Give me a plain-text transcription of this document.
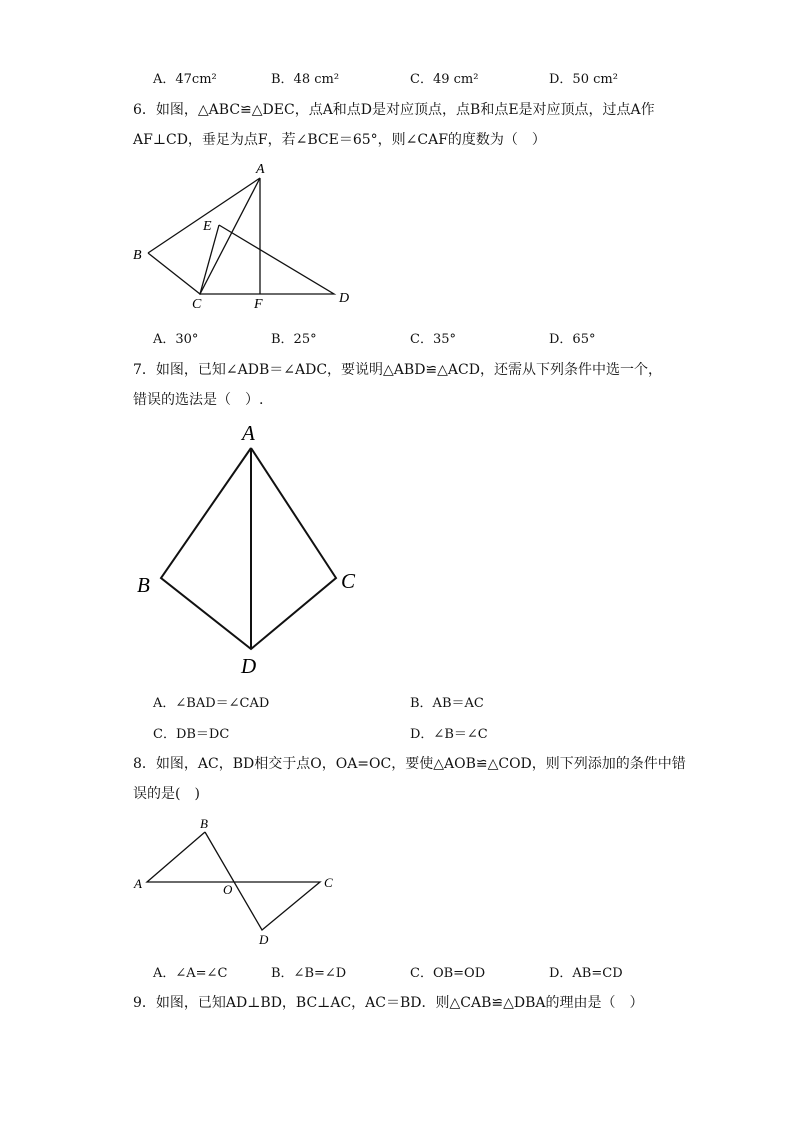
A．47cm²	B．48 cm²	C．49 cm²	D．50 cm²
6．如图，△ABC≌△DEC，点A和点D是对应顶点，点B和点E是对应顶点，过点A作
AF⊥CD，垂足为点F，若∠BCE＝65°，则∠CAF的度数为（　）
A
B
C	D
E
F
A．30°	B．25°	C．35°	D．65°
7．如图，已知∠ADB＝∠ADC，要说明△ABD≌△ACD，还需从下列条件中选一个，
错误的选法是（　）.
A
B	C
D
A．∠BAD＝∠CAD	B．AB＝AC
C．DB＝DC	D．∠B＝∠C
8．如图，AC，BD相交于点O，OA=OC，要使△AOB≌△COD，则下列添加的条件中错
误的是(　)
B
A	O	C
D
A．∠A=∠C	B．∠B=∠D	C．OB=OD	D．AB=CD
9．如图，已知AD⊥BD，BC⊥AC，AC＝BD．则△CAB≌△DBA的理由是（　）
